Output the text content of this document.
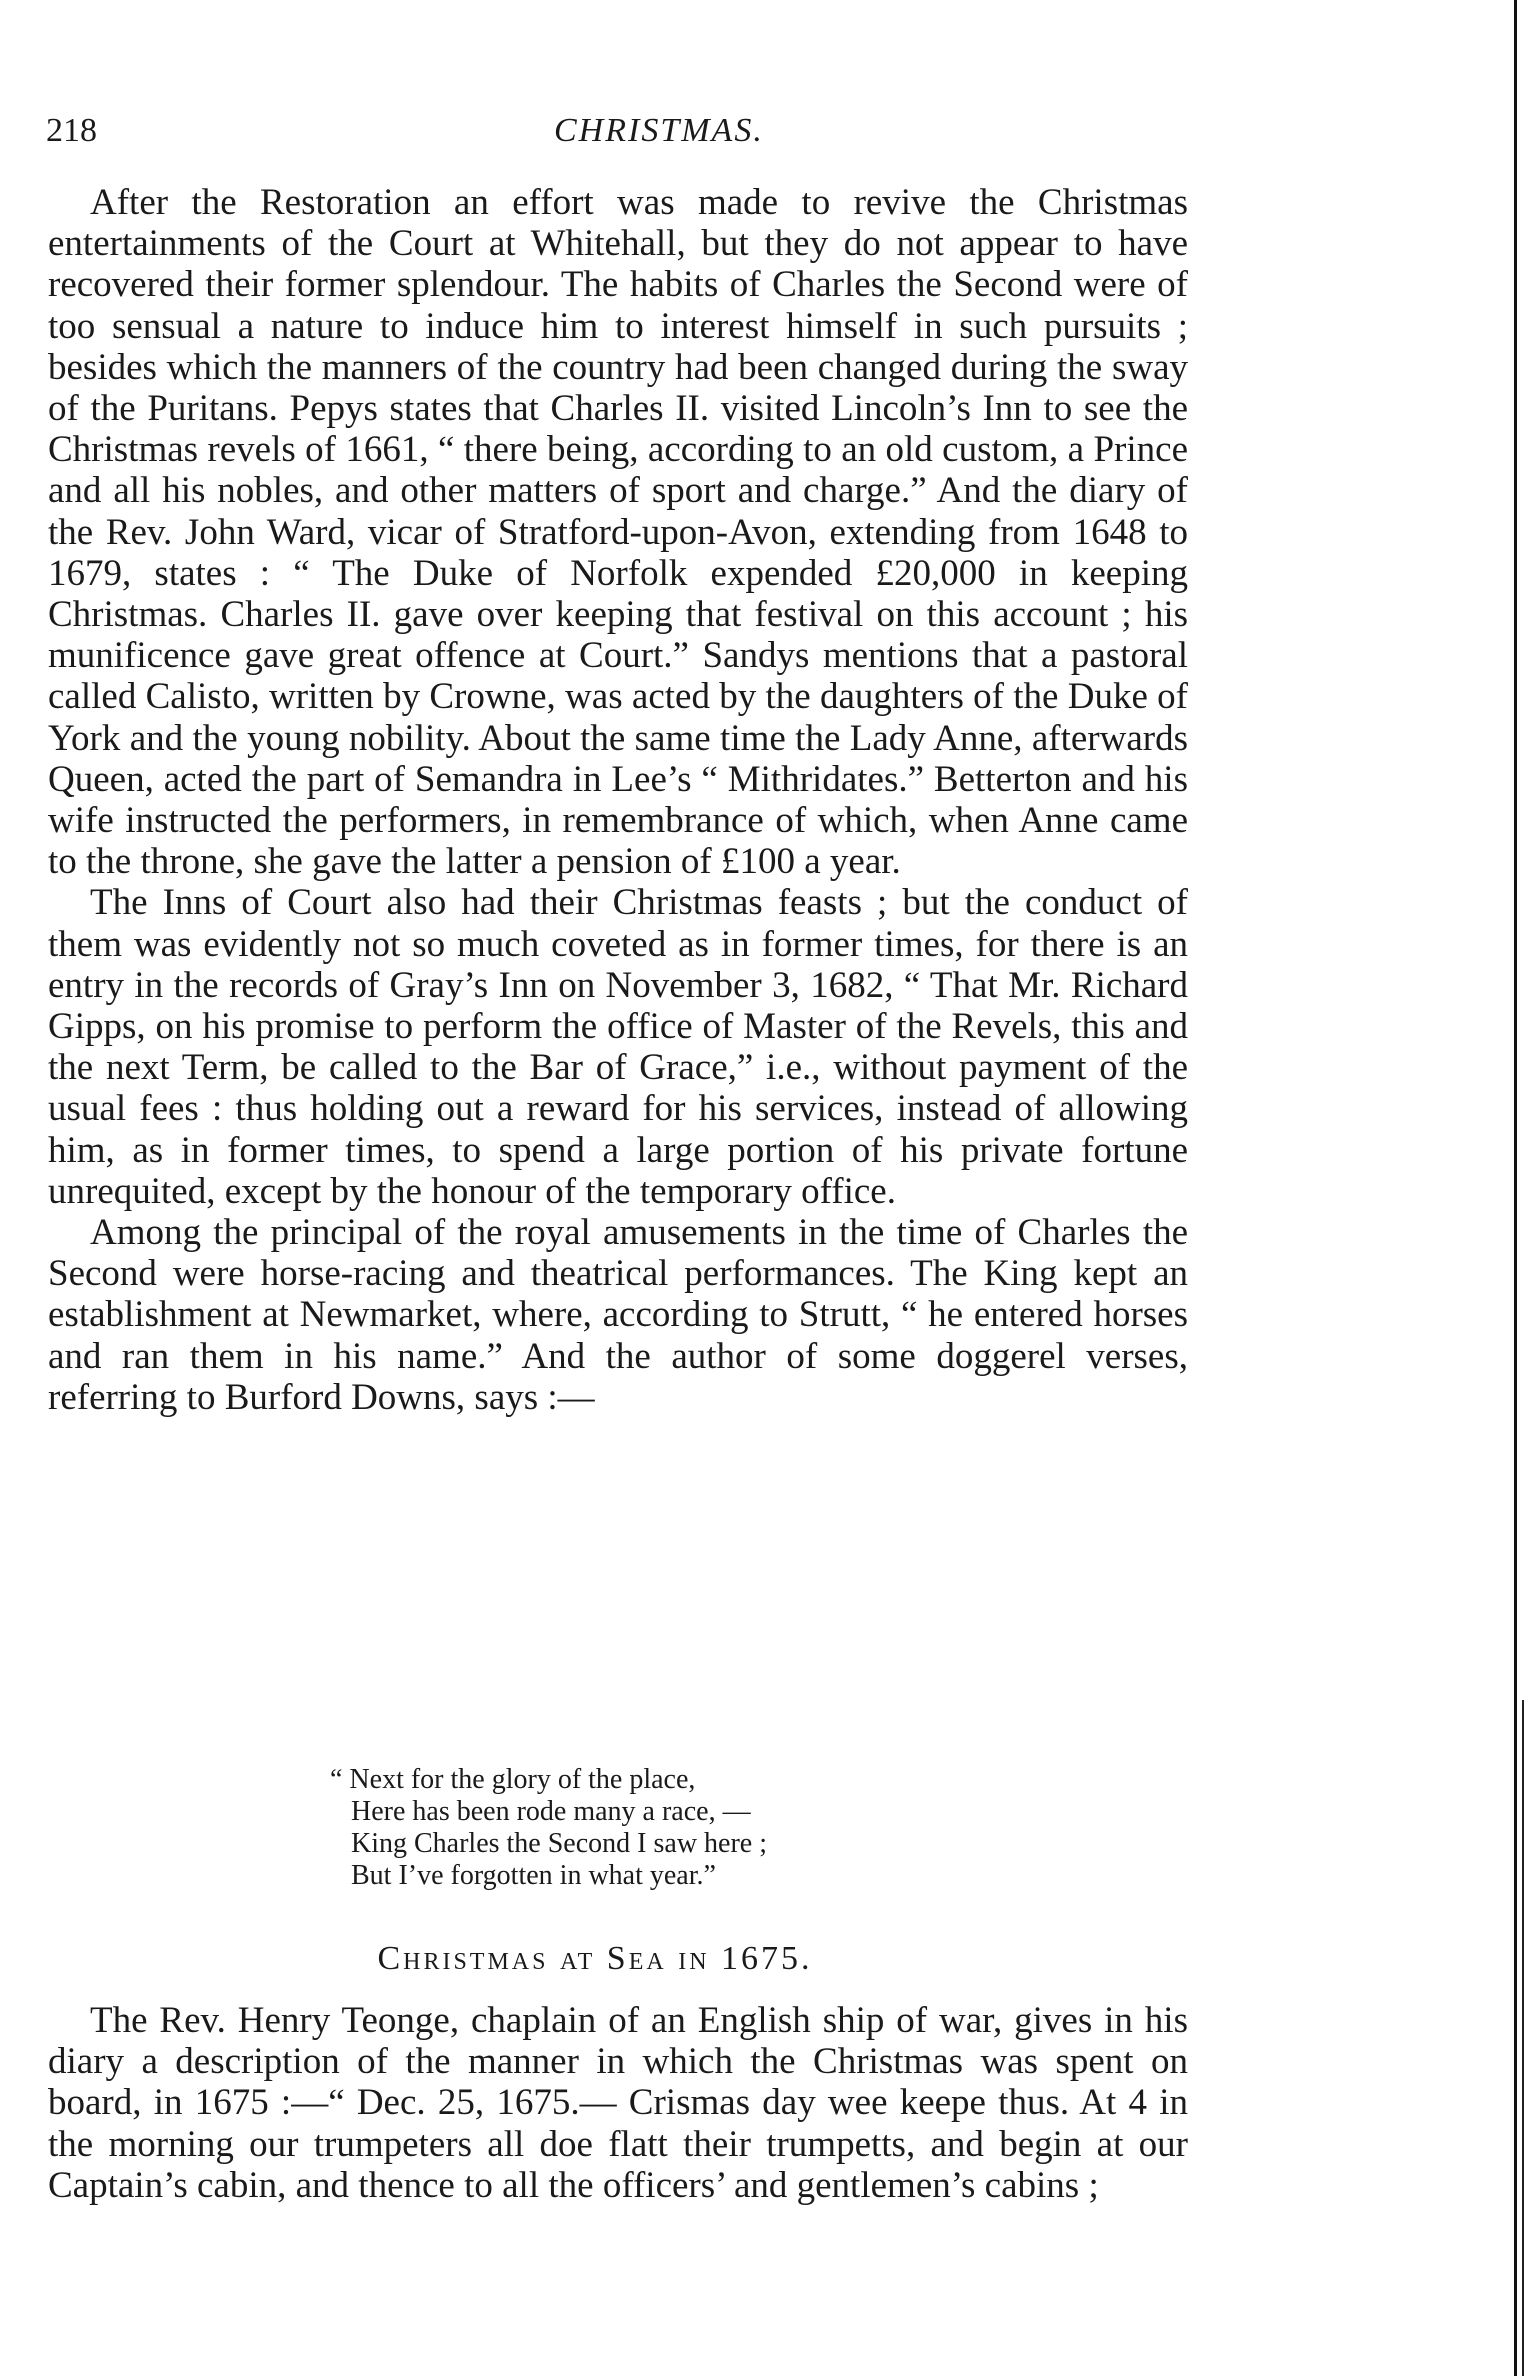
218	CHRISTMAS.

After the Restoration an effort was made to revive the Christmas entertainments of the Court at Whitehall, but they do not appear to have recovered their former splendour. The habits of Charles the Second were of too sensual a nature to induce him to interest himself in such pursuits ; besides which the manners of the country had been changed during the sway of the Puritans. Pepys states that Charles II. visited Lincoln’s Inn to see the Christmas revels of 1661, “ there being, according to an old custom, a Prince and all his nobles, and other matters of sport and charge.” And the diary of the Rev. John Ward, vicar of Stratford-upon-Avon, extending from 1648 to 1679, states : “ The Duke of Norfolk expended £20,000 in keeping Christmas. Charles II. gave over keeping that festival on this account ; his munificence gave great offence at Court.” Sandys mentions that a pastoral called Calisto, written by Crowne, was acted by the daughters of the Duke of York and the young nobility. About the same time the Lady Anne, afterwards Queen, acted the part of Semandra in Lee’s “ Mithridates.” Betterton and his wife instructed the performers, in remembrance of which, when Anne came to the throne, she gave the latter a pension of £100 a year.

The Inns of Court also had their Christmas feasts ; but the conduct of them was evidently not so much coveted as in former times, for there is an entry in the records of Gray’s Inn on November 3, 1682, “ That Mr. Richard Gipps, on his promise to perform the office of Master of the Revels, this and the next Term, be called to the Bar of Grace,” i.e., without payment of the usual fees : thus holding out a reward for his services, instead of allowing him, as in former times, to spend a large portion of his private fortune unrequited, except by the honour of the temporary office.

Among the principal of the royal amusements in the time of Charles the Second were horse-racing and theatrical performances. The King kept an establishment at Newmarket, where, according to Strutt, “ he entered horses and ran them in his name.” And the author of some doggerel verses, referring to Burford Downs, says :—

“ Next for the glory of the place,
Here has been rode many a race, —
King Charles the Second I saw here ;
But I’ve forgotten in what year.”
Christmas at Sea in 1675.

The Rev. Henry Teonge, chaplain of an English ship of war, gives in his diary a description of the manner in which the Christmas was spent on board, in 1675 :—“ Dec. 25, 1675.— Crismas day wee keepe thus. At 4 in the morning our trumpeters all doe flatt their trumpetts, and begin at our Captain’s cabin, and thence to all the officers’ and gentlemen’s cabins ;
